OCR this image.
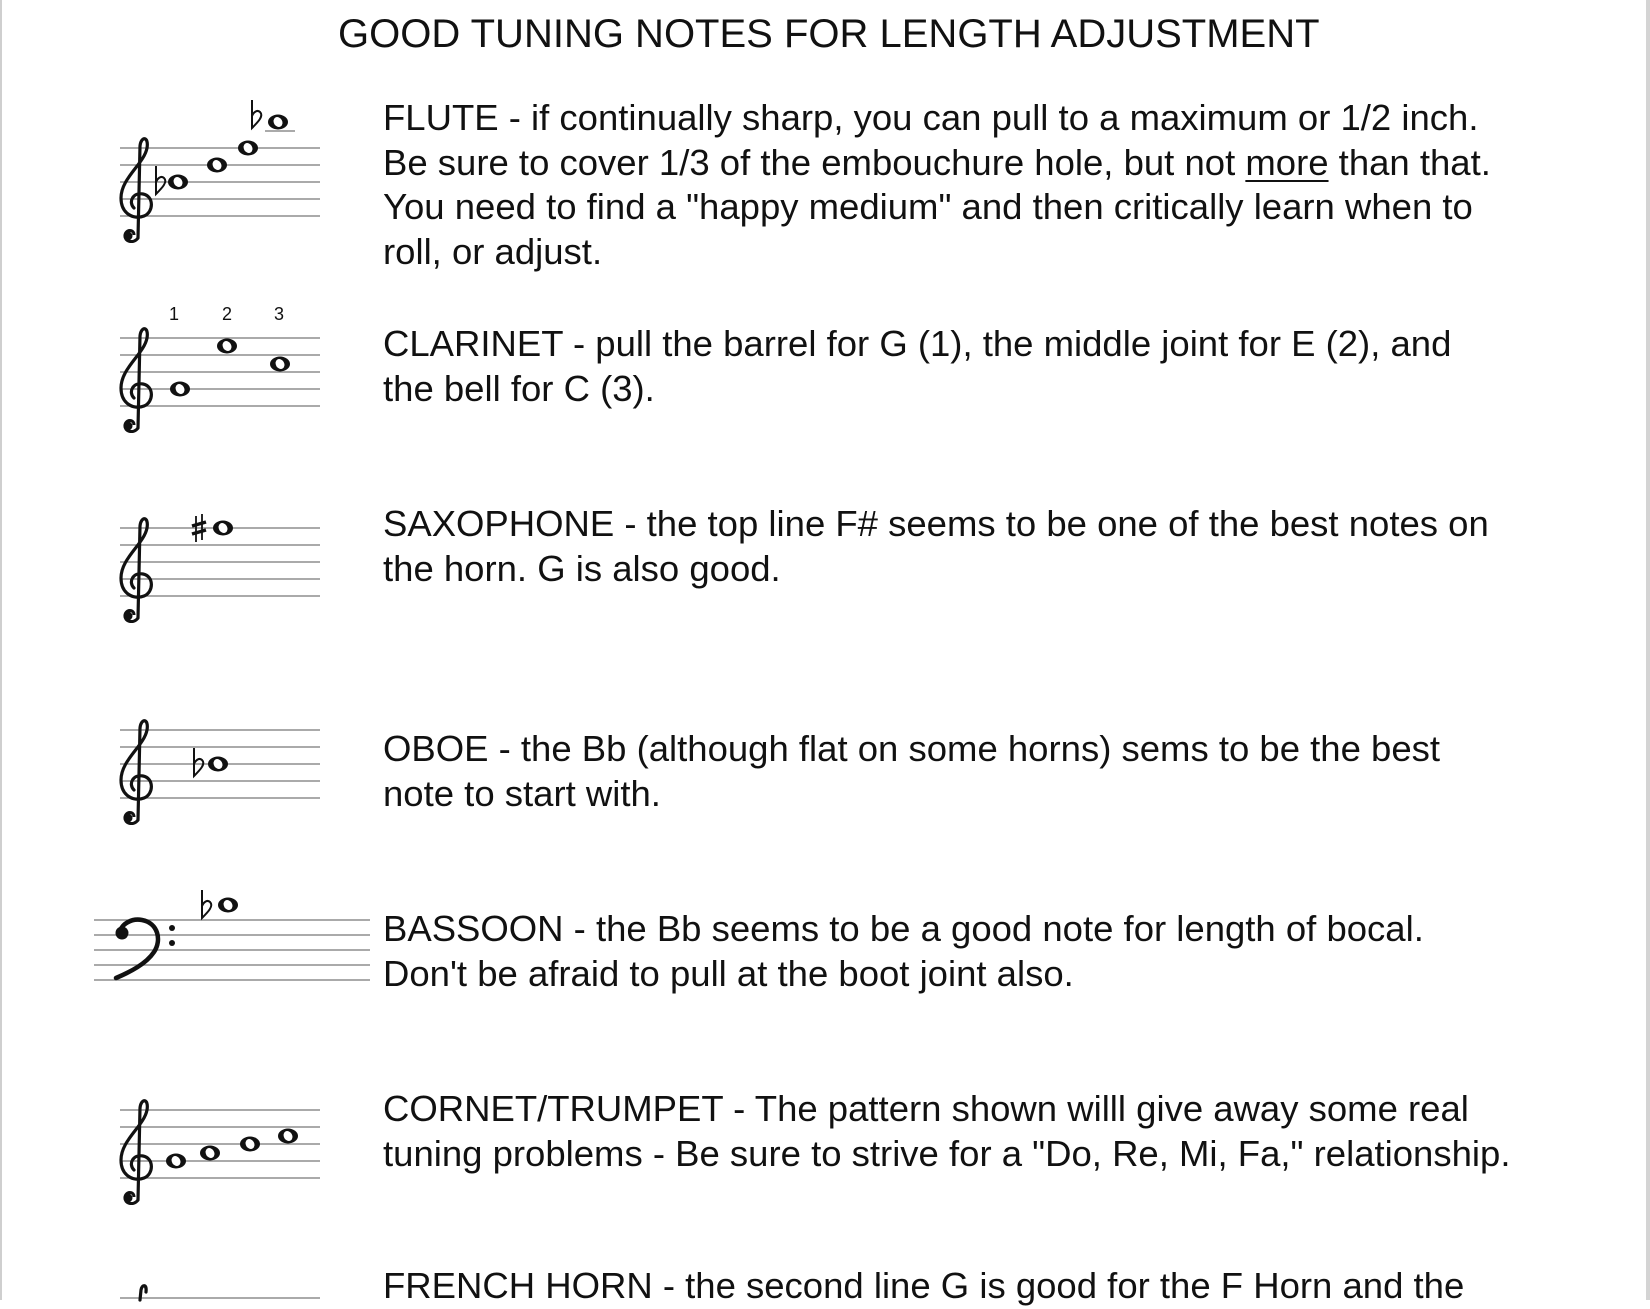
GOOD TUNING NOTES FOR LENGTH ADJUSTMENT
FLUTE - if continually sharp, you can pull to a maximum or 1/2 inch.
Be sure to cover 1/3 of the embouchure hole, but not more than that.
You need to find a "happy medium" and then critically learn when to
roll, or adjust.
1 2 3
CLARINET - pull the barrel for G (1), the middle joint for E (2), and
the bell for C (3).
SAXOPHONE - the top line F# seems to be one of the best notes on
the horn. G is also good.
OBOE - the Bb (although flat on some horns) sems to be the best
note to start with.
BASSOON - the Bb seems to be a good note for length of bocal.
Don't be afraid to pull at the boot joint also.
CORNET/TRUMPET - The pattern shown willl give away some real
tuning problems - Be sure to strive for a "Do, Re, Mi, Fa," relationship.
FRENCH HORN - the second line G is good for the F Horn and the
